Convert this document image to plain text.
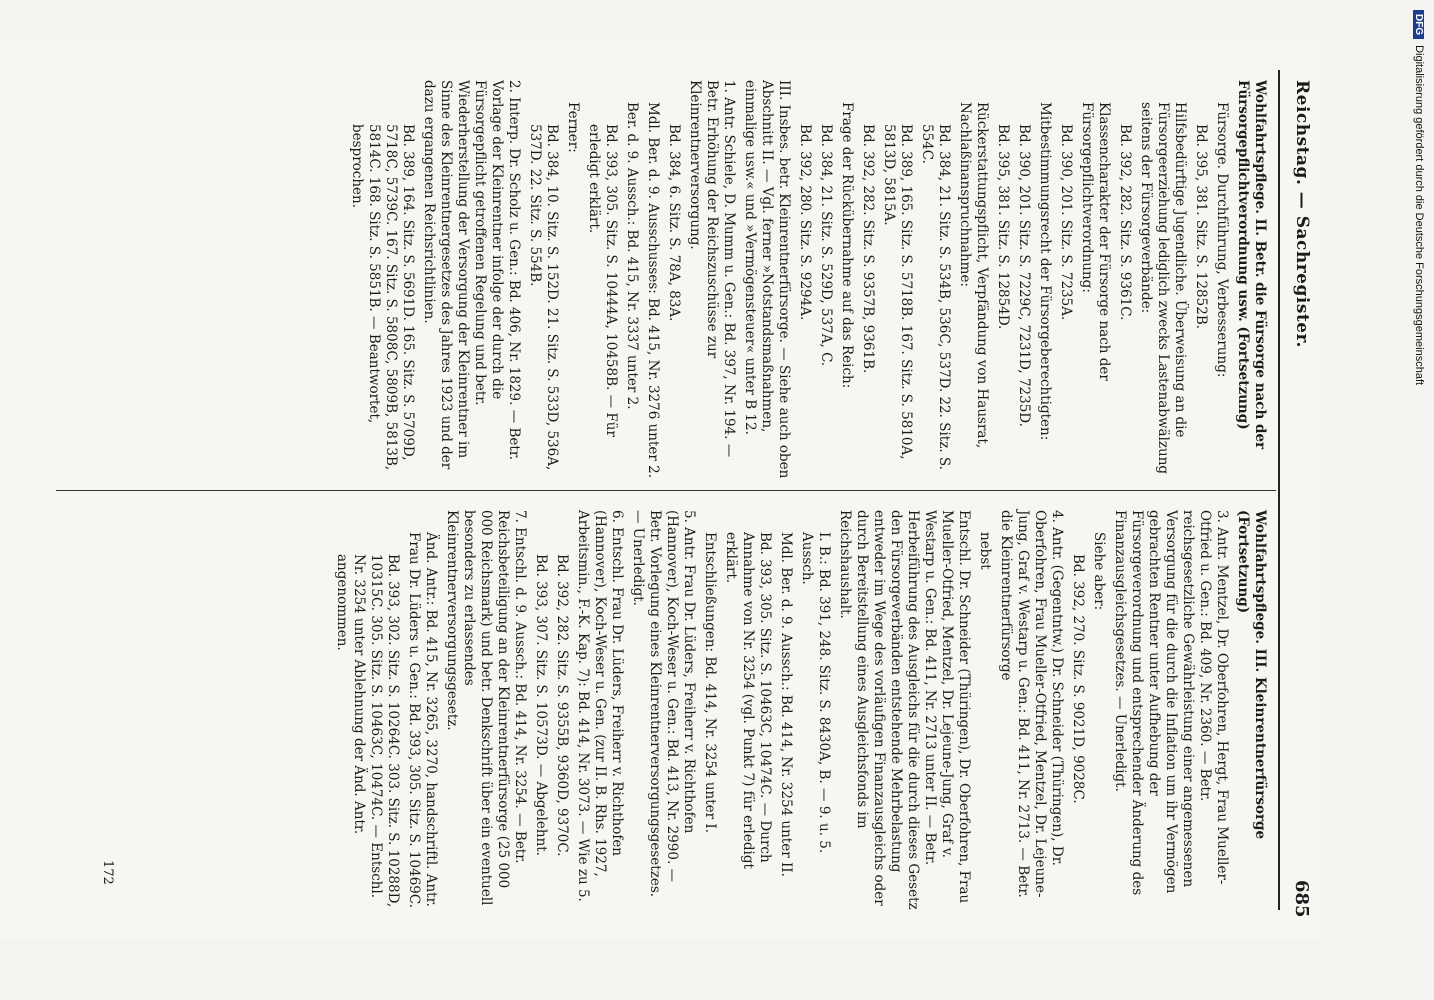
Reichstag. — Sachregister.
685

Wohlfahrtspflege. II. Betr. die Fürsorge nach der Fürsorgepflichtverordnung usw. (Fortsetzung)

Fürsorge. Durchführung, Verbesserung:

Bd. 395, 381. Sitz. S. 12852B.

Hilfsbedürftige Jugendliche. Überweisung an die Fürsorgeerziehung lediglich zwecks Lastenabwälzung seitens der Fürsorgeverbände:

Bd. 392, 282. Sitz. S. 9361C.

Klassencharakter der Fürsorge nach der Fürsorgepflichtverordnung:

Bd. 390, 201. Sitz. S. 7235A.

Mitbestimmungsrecht der Fürsorgeberechtigten:

Bd. 390, 201. Sitz. S. 7229C, 7231D, 7235D.

Bd. 395, 381. Sitz. S. 12854D.

Rückerstattungspflicht, Verpfändung von Hausrat, Nachlaßinanspruchnahme:

Bd. 384, 21. Sitz. S. 534B, 536C, 537D. 22. Sitz. S. 554C.

Bd. 389, 165. Sitz. S. 5718B. 167. Sitz. S. 5810A, 5813D, 5815A.

Bd. 392, 282. Sitz. S. 9357B, 9361B.

Frage der Rückübernahme auf das Reich:

Bd. 384, 21. Sitz. S. 529D, 537A, C.

Bd. 392, 280. Sitz. S. 9294A.

III. Insbes. betr. Kleinrentnerfürsorge. — Siehe auch oben Abschnitt II. — Vgl. ferner »Notstandsmaßnahmen, einmalige usw.« und »Vermögensteuer« unter B 12.

1. Antr. Schiele, D. Mumm u. Gen.: Bd. 397, Nr. 194. — Betr. Erhöhung der Reichszuschüsse zur Kleinrentnerversorgung.

Bd. 384, 6. Sitz. S. 78A, 83A.

Mdl. Ber. d. 9. Ausschusses: Bd. 415, Nr. 3276 unter 2.

Ber. d. 9. Aussch.: Bd. 415, Nr. 3337 unter 2.

Bd. 393, 305. Sitz. S. 10444A, 10458B. — Für erledigt erklärt.

Ferner:

Bd. 384, 10. Sitz. S. 152D. 21. Sitz. S. 533D, 536A, 537D. 22. Sitz. S. 554B.

2. Interp. Dr. Scholz u. Gen.: Bd. 406, Nr. 1829. — Betr. Vorlage der Kleinrentner infolge der durch die Fürsorgepflicht getroffenen Regelung und betr. Wiederherstellung der Versorgung der Kleinrentner im Sinne des Kleinrentnergesetzes des Jahres 1923 und der dazu ergangenen Reichsrichtlinien.

Bd. 389, 164. Sitz. S. 5691D. 165. Sitz. S. 5709D, 5718C, 5739C. 167. Sitz. S. 5808C, 5809B, 5813B, 5814C. 168. Sitz. S. 5851B. — Beantwortet, besprochen.

Wohlfahrtspflege. III. Kleinrentnerfürsorge (Fortsetzung)

3. Antr. Mentzel, Dr. Oberfohren, Hergt, Frau Mueller-Otfried u. Gen.: Bd. 409, Nr. 2360. — Betr. reichsgesetzliche Gewährleistung einer angemessenen Versorgung für die durch die Inflation um ihr Vermögen gebrachten Rentner unter Aufhebung der Fürsorgeverordnung und entsprechender Änderung des Finanzausgleichsgesetzes. — Unerledigt.

Siehe aber:

Bd. 392, 270. Sitz. S. 9021D, 9028C.

4. Antr. (Gegentntw.) Dr. Schneider (Thüringen), Dr. Oberfohren, Frau Mueller-Otfried, Mentzel, Dr. Lejeune-Jung, Graf v. Westarp u. Gen.: Bd. 411, Nr. 2713. — Betr. die Kleinrentnerfürsorge

nebst

Entschl. Dr. Schneider (Thüringen), Dr. Oberfohren, Frau Mueller-Otfried, Mentzel, Dr. Lejeune-Jung, Graf v. Westarp u. Gen.: Bd. 411, Nr. 2713 unter II. — Betr. Herbeiführung des Ausgleichs für die durch dieses Gesetz den Fürsorgeverbänden entstehende Mehrbelastung entweder im Wege des vorläufigen Finanzausgleichs oder durch Bereitstellung eines Ausgleichsfonds im Reichshaushalt.

I. B.: Bd. 391, 248. Sitz. S. 8430A, B. — 9. u. 5. Aussch.

Mdl. Ber. d. 9. Aussch.: Bd. 414, Nr. 3254 unter II.

Bd. 393, 305. Sitz. S. 10463C, 10474C. — Durch Annahme von Nr. 3254 (vgl. Punkt 7) für erledigt erklärt.

Entschließungen: Bd. 414, Nr. 3254 unter I.

5. Antr. Frau Dr. Lüders, Freiherr v. Richthofen (Hannover), Koch-Weser u. Gen.: Bd. 413, Nr. 2990. — Betr. Vorlegung eines Kleinrentnerversorgungsgesetzes. — Unerledigt.

6. Entschl. Frau Dr. Lüders, Freiherr v. Richthofen (Hannover), Koch-Weser u. Gen. (zur II. B. Rhs. 1927, Arbeitsmin., F.-K. Kap. 7): Bd. 414, Nr. 3073. — Wie zu 5.

Bd. 392, 282. Sitz. S. 9355B, 9360D, 9370C.

Bd. 393, 307. Sitz. S. 10573D. — Abgelehnt.

7. Entschl. d. 9. Aussch.: Bd. 414, Nr. 3254. — Betr. Reichsbeteiligung an der Kleinrentnerfürsorge (25 000 000 Reichsmark) und betr. Denkschrift über ein eventuell besonders zu erlassendes Kleinrentnerversorgungsgesetz.

Änd. Antr.: Bd. 415, Nr. 3265, 3270, handschriftl. Antr. Frau Dr. Lüders u. Gen.: Bd. 393, 305. Sitz. S. 10469C.

Bd. 393, 302. Sitz. S. 10264C. 303. Sitz. S. 10288D, 10315C. 305. Sitz. S. 10463C, 10474C. — Entschl. Nr. 3254 unter Ablehnung der Änd. Antr. angenommen.

172
DFGDigitalisierung gefördert durch die Deutsche Forschungsgemeinschaft
